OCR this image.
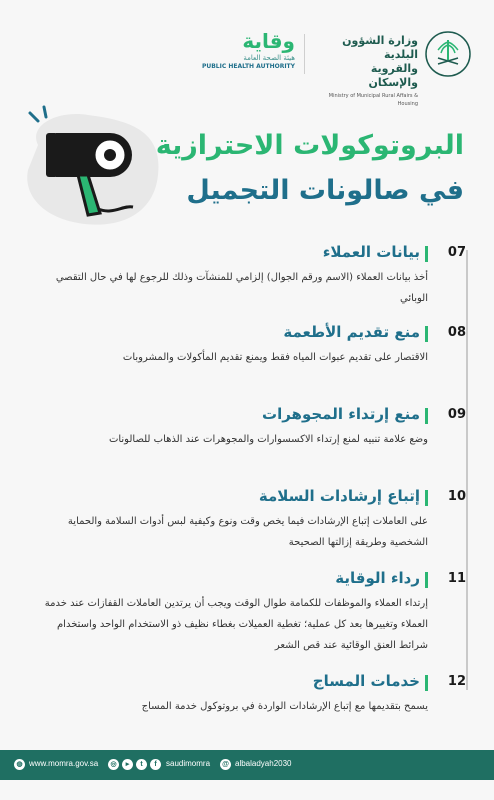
وقاية
هيئة الصحة العامة
PUBLIC HEALTH AUTHORITY
وزارة الشؤون البلدية
والقروية والإسكان
Ministry of Municipal Rural Affairs & Housing
البروتوكولات الاحترازية
في صالونات التجميل
07
بيانات العملاء
أخذ بيانات العملاء (الاسم ورقم الجوال) إلزامي للمنشآت وذلك للرجوع لها في حال التقصي الوبائي
08
منع تقديم الأطعمة
الاقتصار على تقديم عبوات المياه فقط ويمنع تقديم المأكولات والمشروبات
09
منع إرتداء المجوهرات
وضع علامة تنبيه لمنع إرتداء الاكسسوارات والمجوهرات عند الذهاب للصالونات
10
إتباع إرشادات السلامة
على العاملات إتباع الإرشادات فيما يخص وقت ونوع وكيفية لبس أدوات السلامة والحماية الشخصية وطريقة إزالتها الصحيحة
11
رداء الوقاية
إرتداء العملاء والموظفات للكمامة طوال الوقت ويجب أن يرتدين العاملات القفازات عند خدمة العملاء وتغييرها بعد كل عملية؛ تغطية العميلات بغطاء نظيف ذو الاستخدام الواحد واستخدام شرائط العنق الوقائية عند قص الشعر
12
خدمات المساج
يسمح بتقديمها مع إتباع الإرشادات الواردة في بروتوكول خدمة المساج
◍ www.momra.gov.sa	◎	▸	t	f	saudimomra @ albaladyah2030
